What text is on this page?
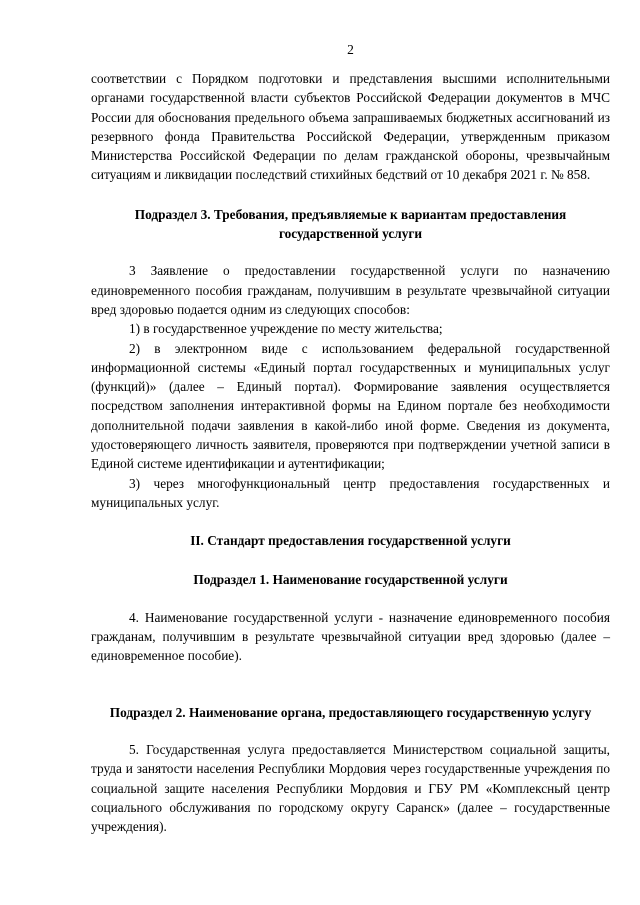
2

соответствии с Порядком подготовки и представления высшими исполнительными органами государственной власти субъектов Российской Федерации документов в МЧС России для обоснования предельного объема запрашиваемых бюджетных ассигнований из резервного фонда Правительства Российской Федерации, утвержденным приказом Министерства Российской Федерации по делам гражданской обороны, чрезвычайным ситуациям и ликвидации последствий стихийных бедствий от 10 декабря 2021 г. № 858.

Подраздел 3. Требования, предъявляемые к вариантам предоставления государственной услуги

3 Заявление о предоставлении государственной услуги по назначению единовременного пособия гражданам, получившим в результате чрезвычайной ситуации вред здоровью подается одним из следующих способов:

1) в государственное учреждение по месту жительства;

2) в электронном виде с использованием федеральной государственной информационной системы «Единый портал государственных и муниципальных услуг (функций)» (далее – Единый портал). Формирование заявления осуществляется посредством заполнения интерактивной формы на Едином портале без необходимости дополнительной подачи заявления в какой-либо иной форме. Сведения из документа, удостоверяющего личность заявителя, проверяются при подтверждении учетной записи в Единой системе идентификации и аутентификации;

3) через многофункциональный центр предоставления государственных и муниципальных услуг.

II. Стандарт предоставления государственной услуги
Подраздел 1. Наименование государственной услуги

4. Наименование государственной услуги - назначение единовременного пособия гражданам, получившим в результате чрезвычайной ситуации вред здоровью (далее – единовременное пособие).

Подраздел 2. Наименование органа, предоставляющего государственную услугу

5. Государственная услуга предоставляется Министерством социальной защиты, труда и занятости населения Республики Мордовия через государственные учреждения по социальной защите населения Республики Мордовия и ГБУ РМ «Комплексный центр социального обслуживания по городскому округу Саранск» (далее – государственные учреждения).
